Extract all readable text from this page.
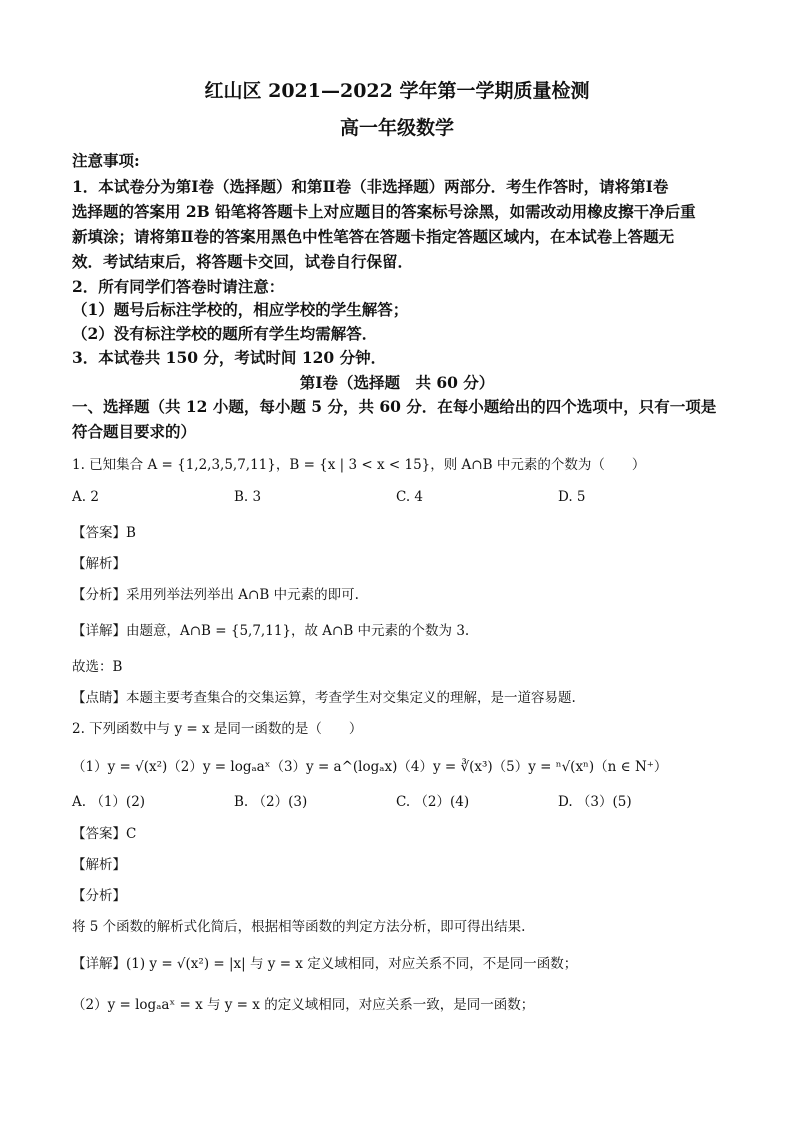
红山区 2021—2022 学年第一学期质量检测
高一年级数学
注意事项:
1．本试卷分为第Ⅰ卷（选择题）和第Ⅱ卷（非选择题）两部分．考生作答时，请将第Ⅰ卷
选择题的答案用 2B 铅笔将答题卡上对应题目的答案标号涂黑，如需改动用橡皮擦干净后重
新填涂；请将第Ⅱ卷的答案用黑色中性笔答在答题卡指定答题区域内，在本试卷上答题无
效．考试结束后，将答题卡交回，试卷自行保留．
2．所有同学们答卷时请注意：
（1）题号后标注学校的，相应学校的学生解答；
（2）没有标注学校的题所有学生均需解答．
3．本试卷共 150 分，考试时间 120 分钟．
第Ⅰ卷（选择题　共 60 分）
一、选择题（共 12 小题，每小题 5 分，共 60 分．在每小题给出的四个选项中，只有一项是
符合题目要求的）
1. 已知集合 A = {1,2,3,5,7,11}，B = {x | 3 < x < 15}，则 A∩B 中元素的个数为（　　）
A. 2	B. 3	C. 4	D. 5
【答案】B
【解析】
【分析】采用列举法列举出 A∩B 中元素的即可.
【详解】由题意，A∩B = {5,7,11}，故 A∩B 中元素的个数为 3.
故选：B
【点睛】本题主要考查集合的交集运算，考查学生对交集定义的理解，是一道容易题.
2. 下列函数中与 y = x 是同一函数的是（　　）
（1）y = √(x²)（2）y = logₐaˣ（3）y = a^(logₐx)（4）y = ∛(x³)（5）y = ⁿ√(xⁿ)（n ∈ N⁺）
A. （1）(2)	B. （2）(3)	C. （2）(4)	D. （3）(5)
【答案】C
【解析】
【分析】
将 5 个函数的解析式化简后，根据相等函数的判定方法分析，即可得出结果.
【详解】(1) y = √(x²) = |x| 与 y = x 定义域相同，对应关系不同，不是同一函数；
（2）y = logₐaˣ = x 与 y = x 的定义域相同，对应关系一致，是同一函数；
